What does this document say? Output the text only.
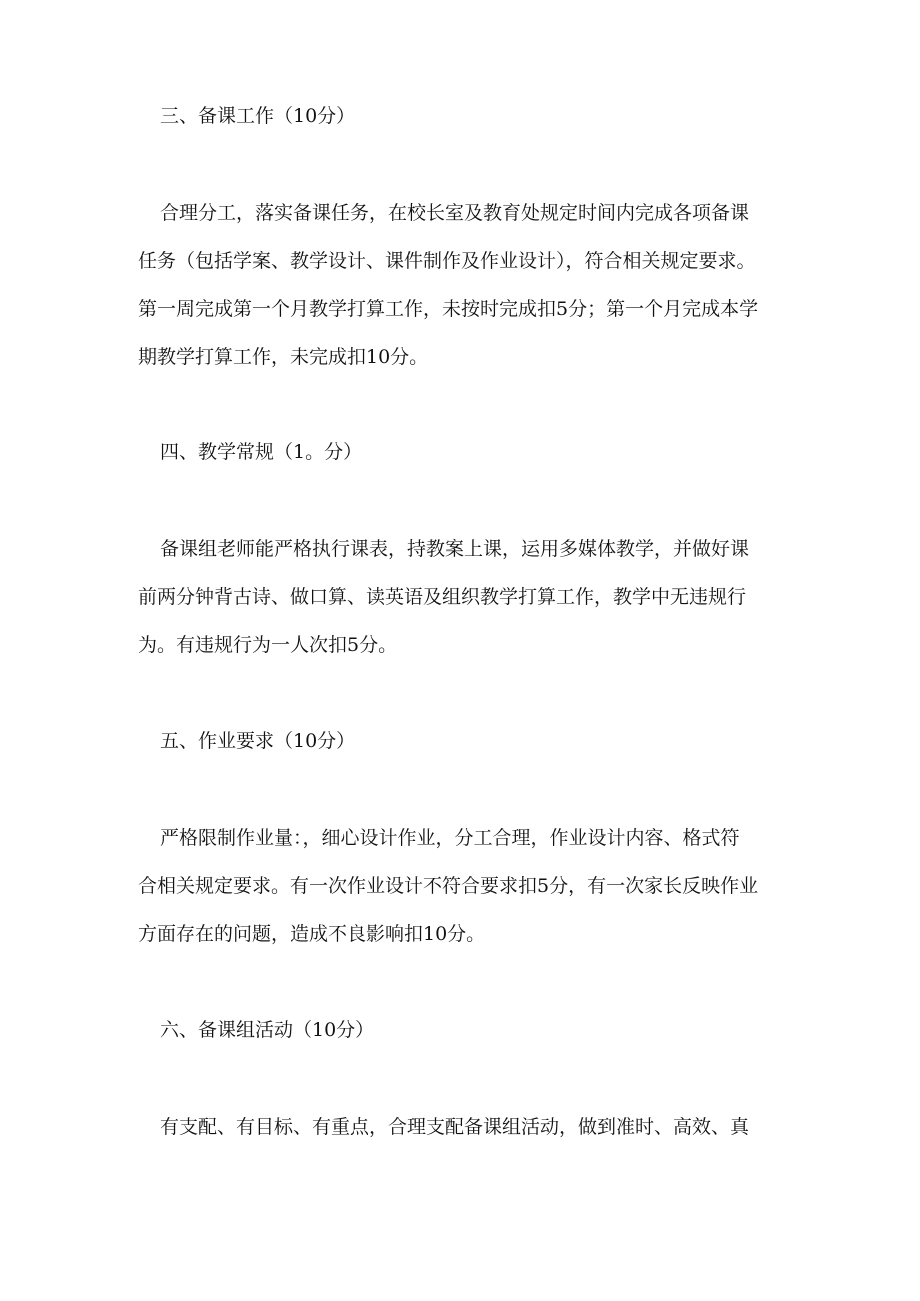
三、备课工作（10分）
合理分工，落实备课任务，在校长室及教育处规定时间内完成各项备课
任务（包括学案、教学设计、课件制作及作业设计），符合相关规定要求。
第一周完成第一个月教学打算工作，未按时完成扣5分；第一个月完成本学
期教学打算工作，未完成扣10分。
四、教学常规（1。分）
备课组老师能严格执行课表，持教案上课，运用多媒体教学，并做好课
前两分钟背古诗、做口算、读英语及组织教学打算工作，教学中无违规行
为。有违规行为一人次扣5分。
五、作业要求（10分）
严格限制作业量：，细心设计作业，分工合理，作业设计内容、格式符
合相关规定要求。有一次作业设计不符合要求扣5分，有一次家长反映作业
方面存在的问题，造成不良影响扣10分。
六、备课组活动（10分）
有支配、有目标、有重点，合理支配备课组活动，做到准时、高效、真
